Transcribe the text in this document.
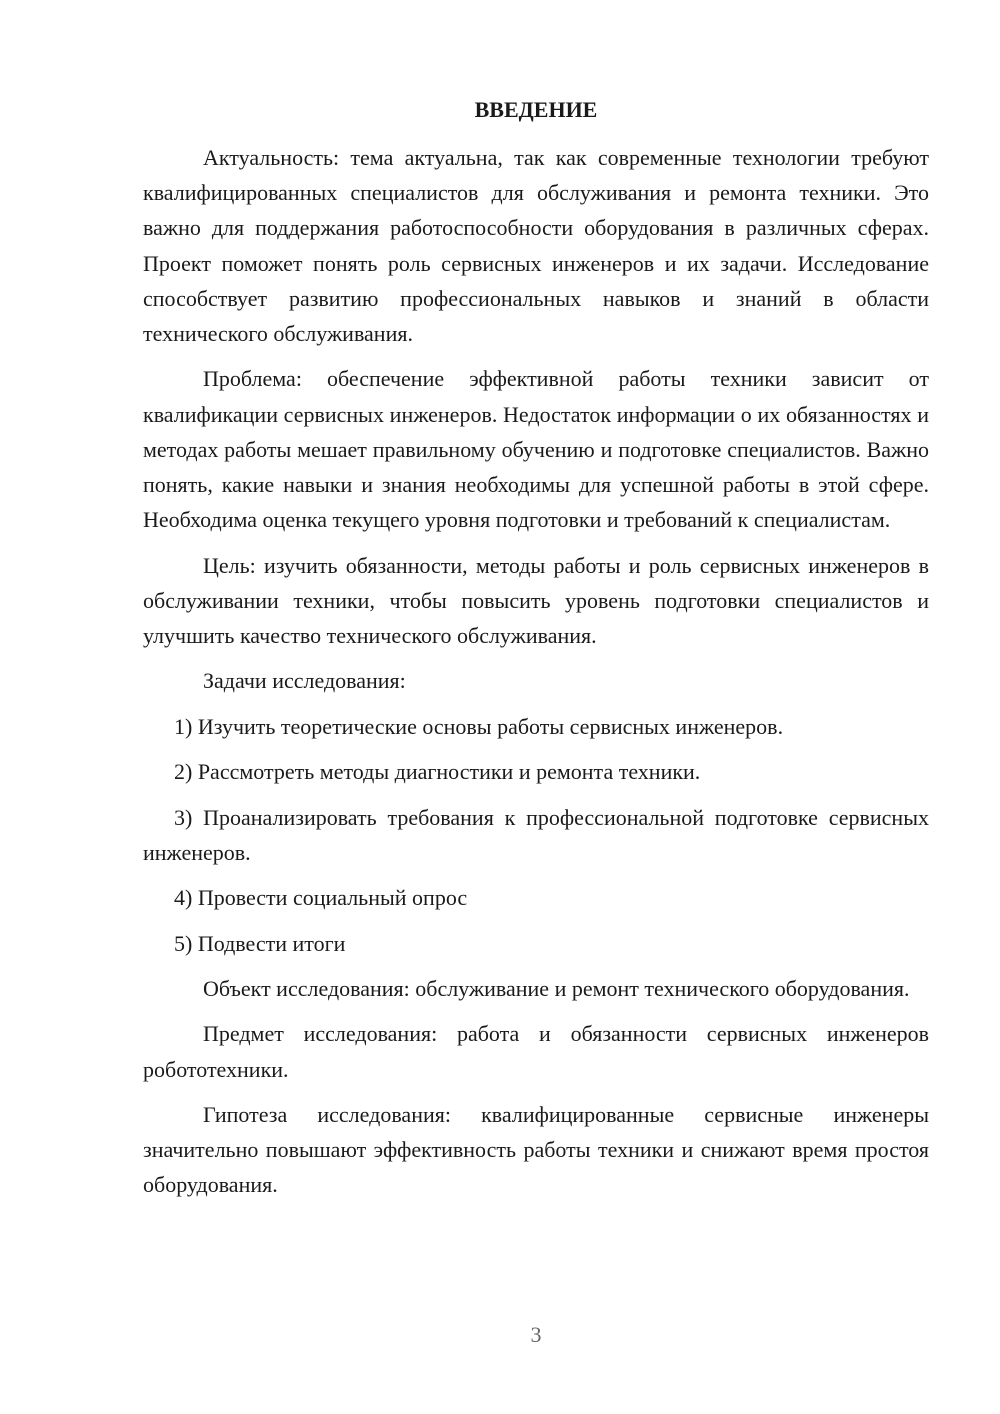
ВВЕДЕНИЕ

Актуальность: тема актуальна, так как современные технологии требуют квалифицированных специалистов для обслуживания и ремонта техники. Это важно для поддержания работоспособности оборудования в различных сферах. Проект поможет понять роль сервисных инженеров и их задачи. Исследование способствует развитию профессиональных навыков и знаний в области технического обслуживания.

Проблема: обеспечение эффективной работы техники зависит от квалификации сервисных инженеров. Недостаток информации о их обязанностях и методах работы мешает правильному обучению и подготовке специалистов. Важно понять, какие навыки и знания необходимы для успешной работы в этой сфере. Необходима оценка текущего уровня подготовки и требований к специалистам.

Цель: изучить обязанности, методы работы и роль сервисных инженеров в обслуживании техники, чтобы повысить уровень подготовки специалистов и улучшить качество технического обслуживания.

Задачи исследования:

1) Изучить теоретические основы работы сервисных инженеров.

2) Рассмотреть методы диагностики и ремонта техники.

3) Проанализировать требования к профессиональной подготовке сервисных инженеров.

4) Провести социальный опрос

5) Подвести итоги

Объект исследования: обслуживание и ремонт технического оборудования.

Предмет исследования: работа и обязанности сервисных инженеров робототехники.

Гипотеза исследования: квалифицированные сервисные инженеры значительно повышают эффективность работы техники и снижают время простоя оборудования.

3
